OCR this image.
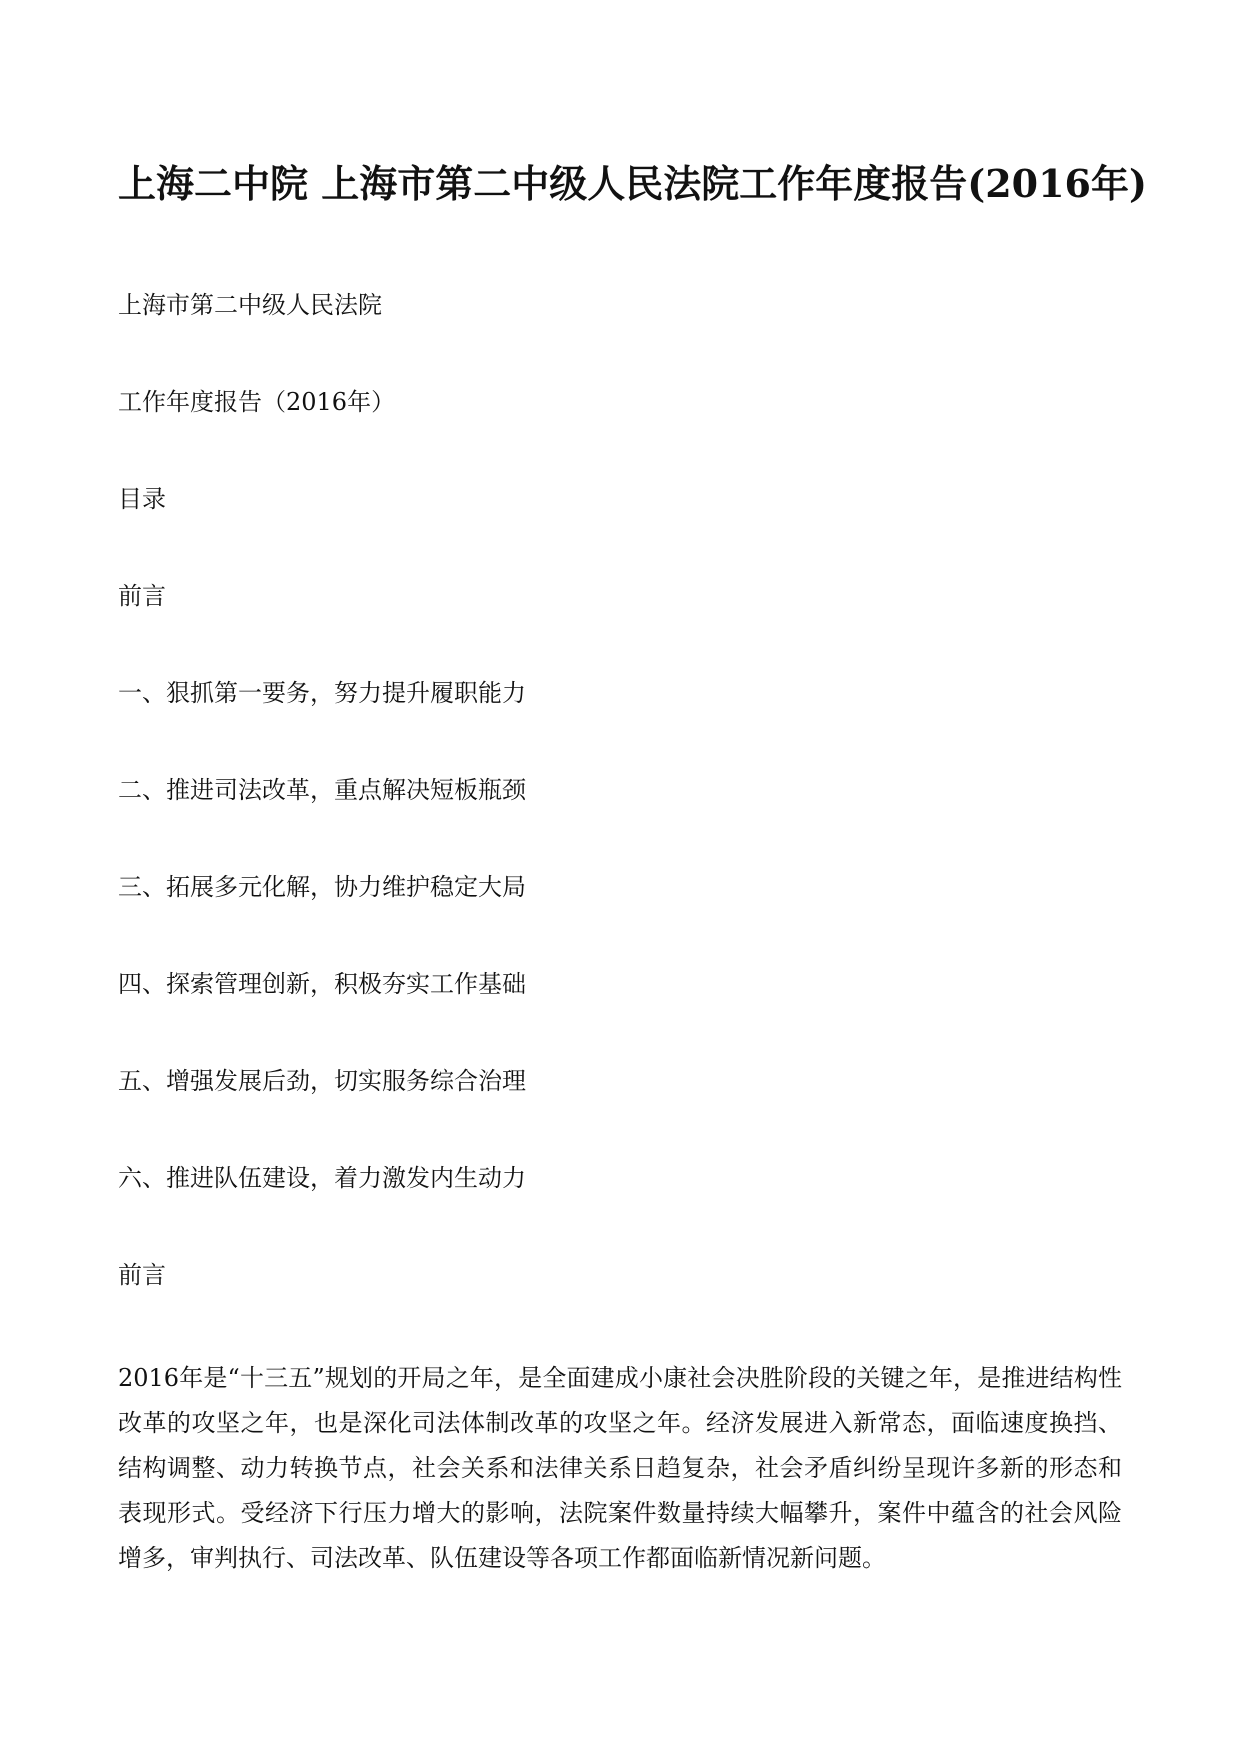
上海二中院 上海市第二中级人民法院工作年度报告(2016年)

上海市第二中级人民法院

工作年度报告（2016年）

目录

前言

一、狠抓第一要务，努力提升履职能力

二、推进司法改革，重点解决短板瓶颈

三、拓展多元化解，协力维护稳定大局

四、探索管理创新，积极夯实工作基础

五、增强发展后劲，切实服务综合治理

六、推进队伍建设，着力激发内生动力

前言

2016年是“十三五”规划的开局之年，是全面建成小康社会决胜阶段的关键之年，是推进结构性改革的攻坚之年，也是深化司法体制改革的攻坚之年。经济发展进入新常态，面临速度换挡、结构调整、动力转换节点，社会关系和法律关系日趋复杂，社会矛盾纠纷呈现许多新的形态和表现形式。受经济下行压力增大的影响，法院案件数量持续大幅攀升，案件中蕴含的社会风险增多，审判执行、司法改革、队伍建设等各项工作都面临新情况新问题。
